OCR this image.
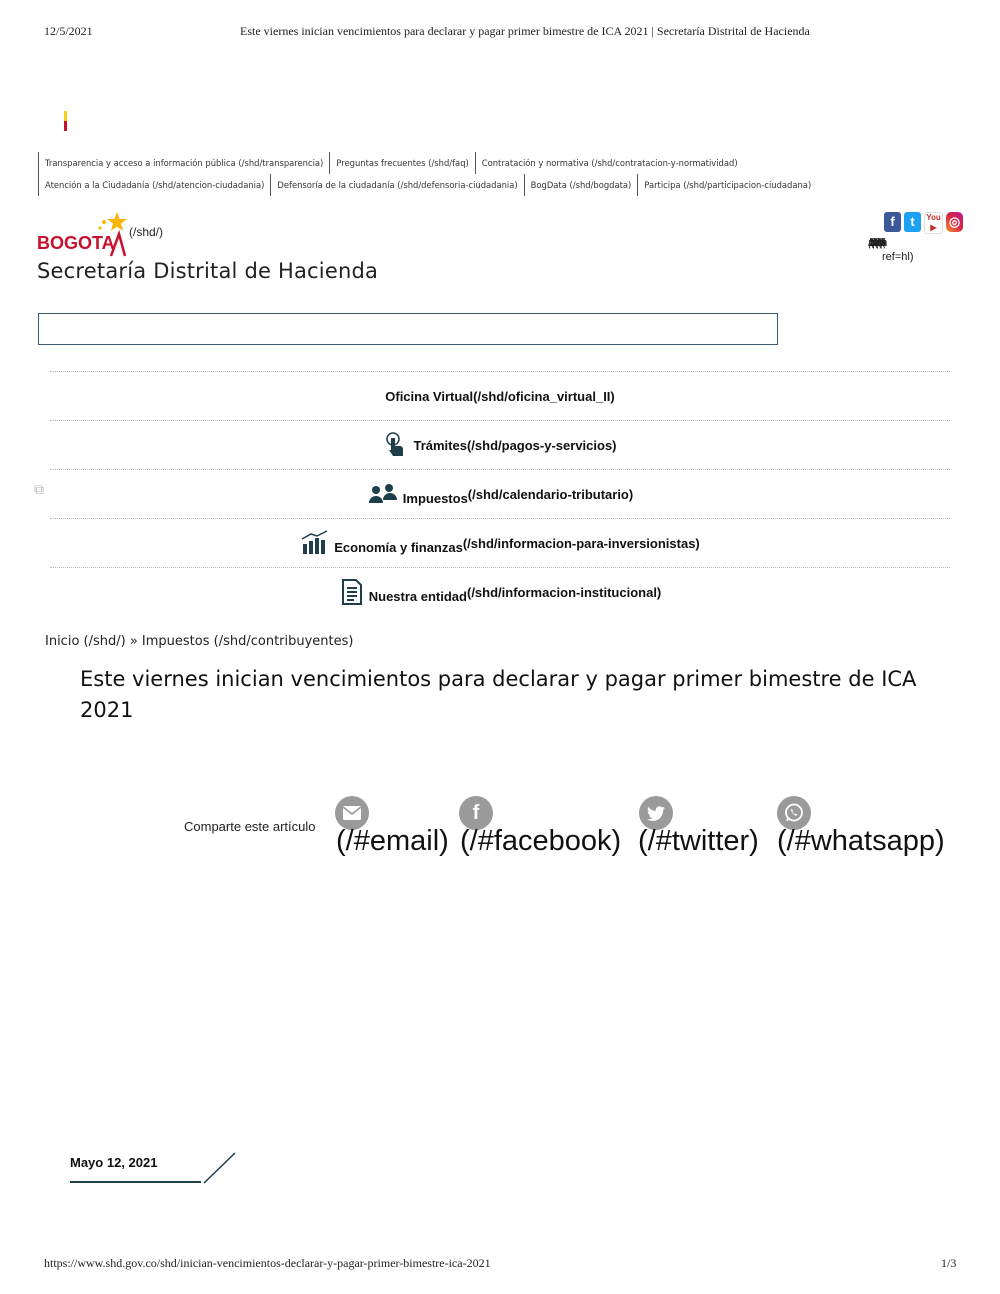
12/5/2021	Este viernes inician vencimientos para declarar y pagar primer bimestre de ICA 2021 | Secretaría Distrital de Hacienda
Transparencia y acceso a información pública (/shd/transparencia)	Preguntas frecuentes (/shd/faq)	Contratación y normativa (/shd/contratacion-y-normatividad)
Atención a la Ciudadanía (/shd/atencion-ciudadania)	Defensoría de la ciudadanía (/shd/defensoria-ciudadania)	BogData (/shd/bogdata)	Participa (/shd/participacion-ciudadana)
BOGOTA
(/shd/)
Secretaría Distrital de Hacienda
f	t	You
▶ ◎
ref=hl)
Oficina Virtual (/shd/oficina_virtual_II)
Trámites (/shd/pagos-y-servicios)
Impuestos (/shd/calendario-tributario)
Economía y finanzas (/shd/informacion-para-inversionistas)
Nuestra entidad (/shd/informacion-institucional)
⧉
Inicio (/shd/) » Impuestos (/shd/contribuyentes)
Este viernes inician vencimientos para declarar y pagar primer bimestre de ICA 2021
Comparte este artículo (/#email)
f
(/#facebook) (/#twitter) (/#whatsapp)
Mayo 12, 2021
https://www.shd.gov.co/shd/inician-vencimientos-declarar-y-pagar-primer-bimestre-ica-2021	1/3
